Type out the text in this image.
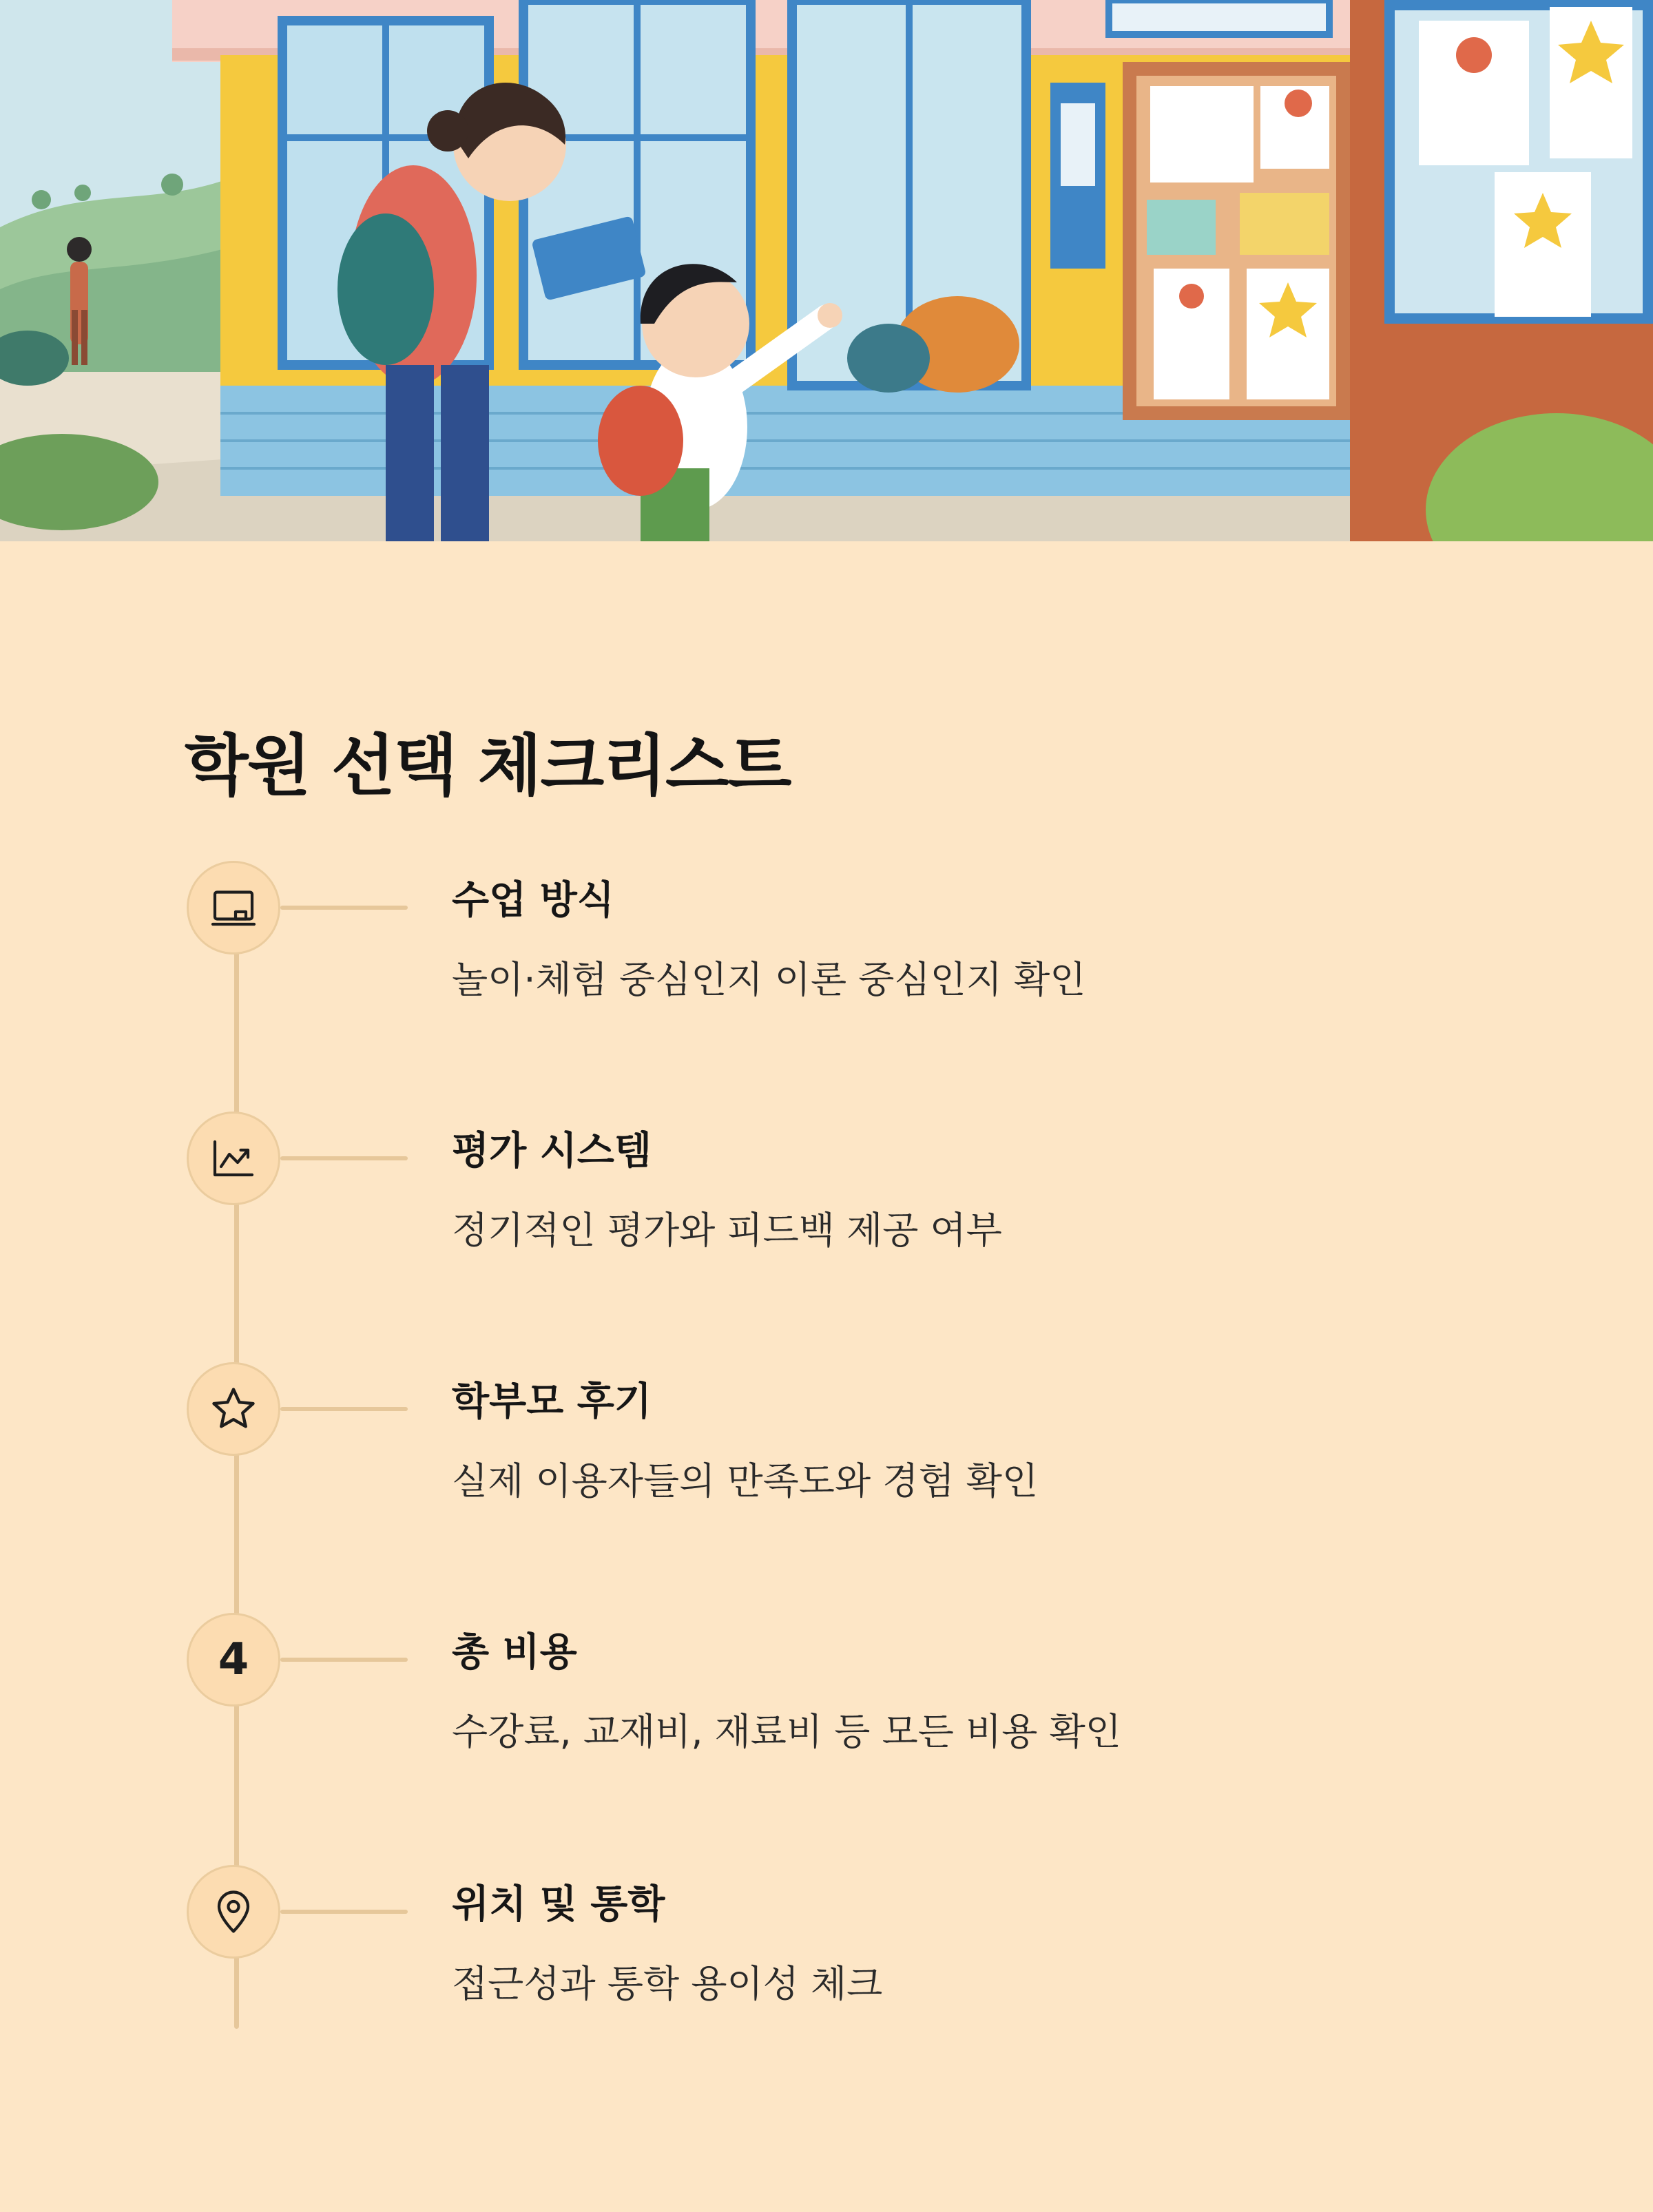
학원 선택 체크리스트
수업 방식

놀이·체험 중심인지 이론 중심인지 확인

평가 시스템

정기적인 평가와 피드백 제공 여부

학부모 후기

실제 이용자들의 만족도와 경험 확인

4	총 비용

수강료, 교재비, 재료비 등 모든 비용 확인

위치 및 통학

접근성과 통학 용이성 체크
